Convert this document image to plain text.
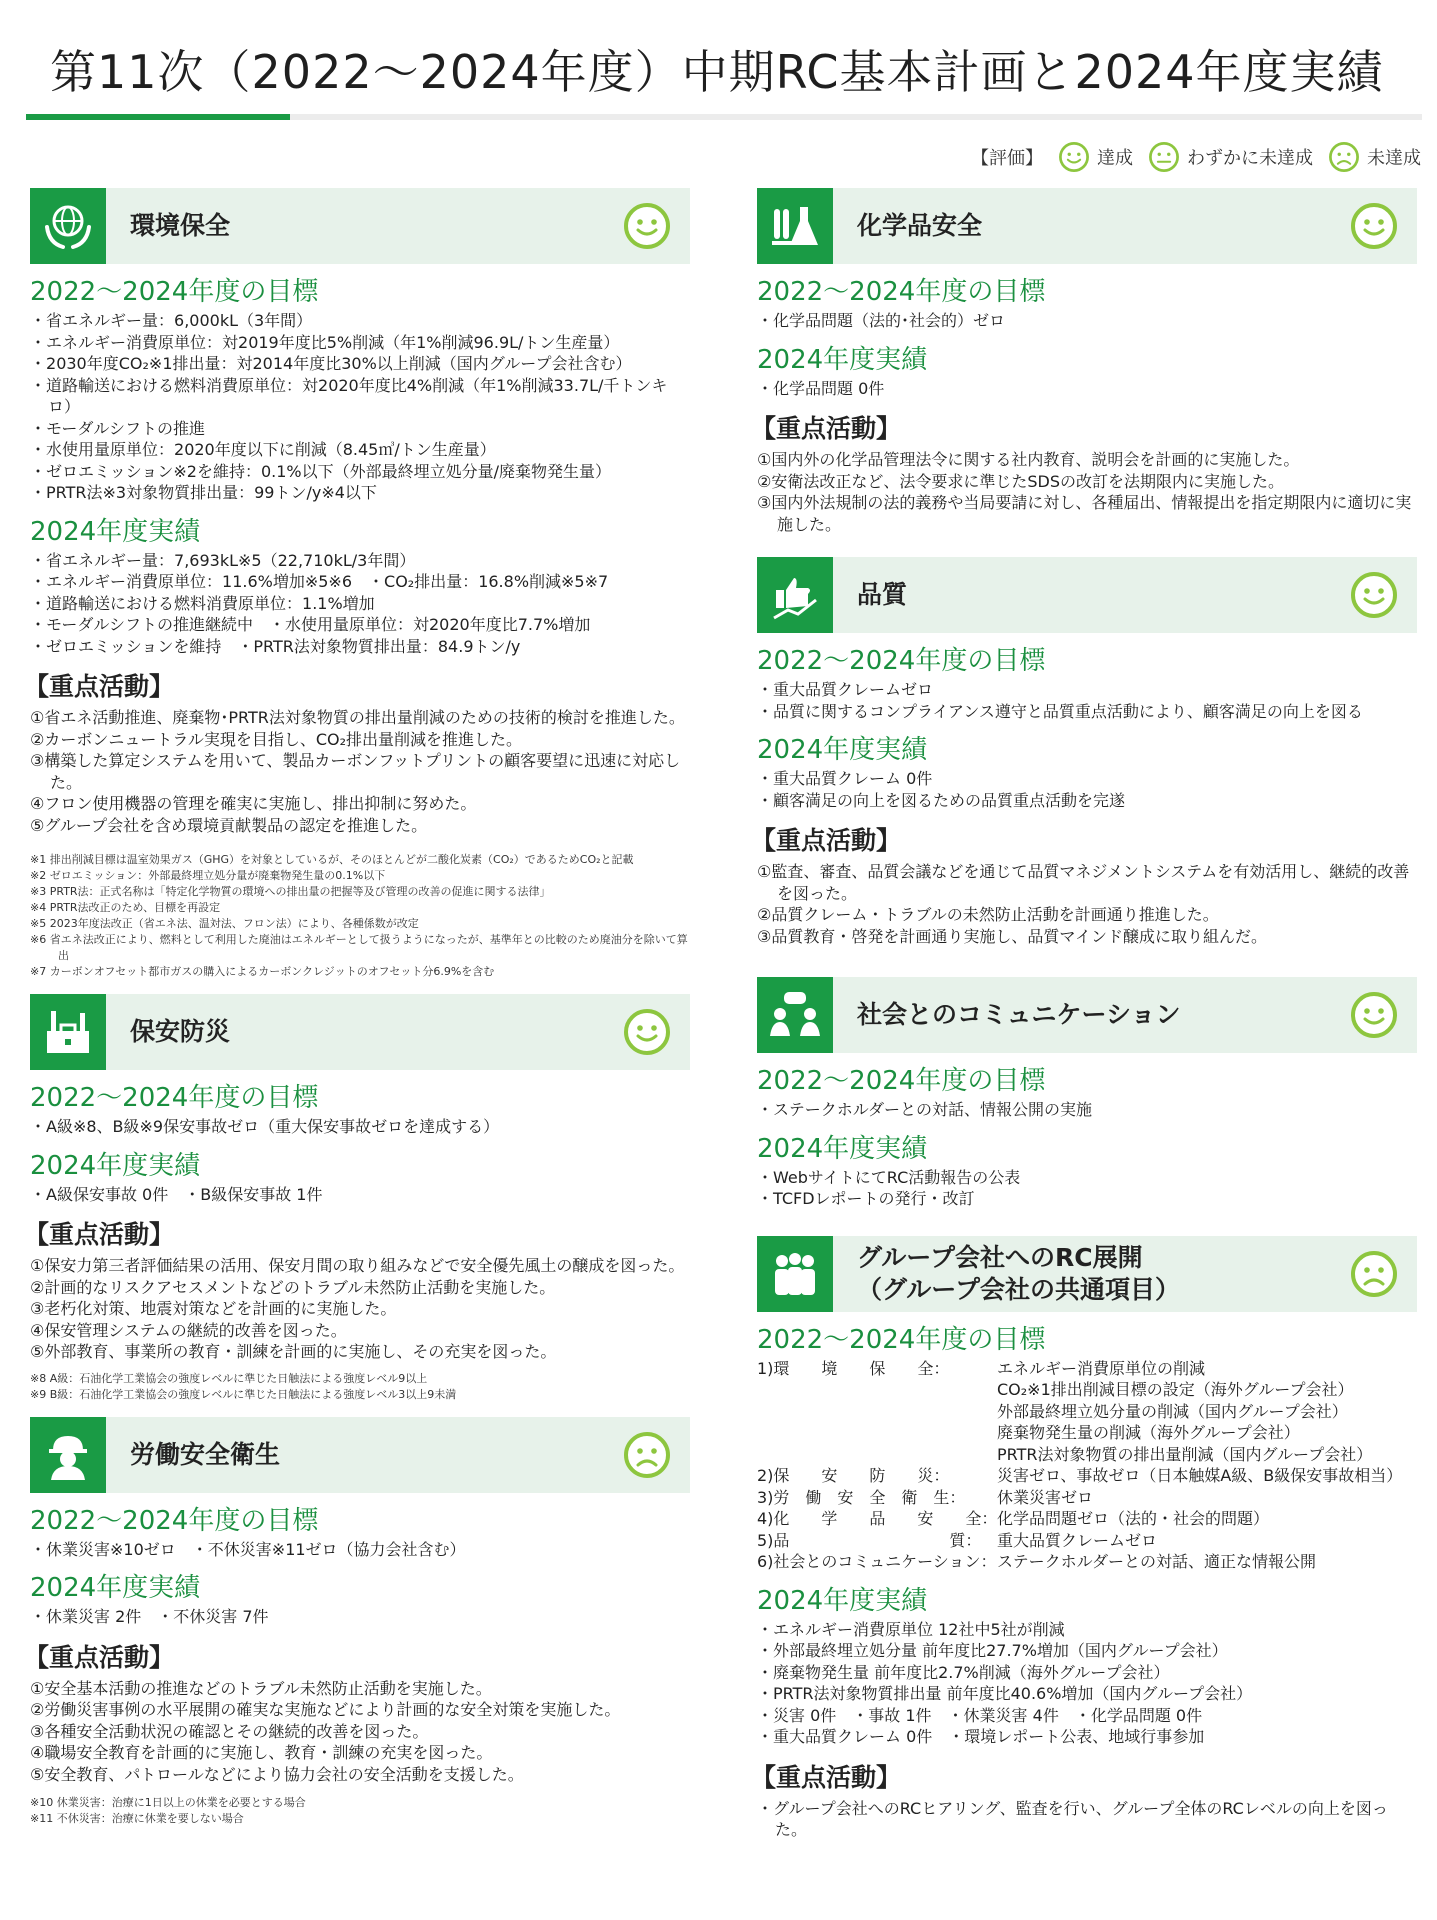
第11次（2022～2024年度）中期RC基本計画と2024年度実績
【評価】	達成	わずかに未達成	未達成
環境保全
2022～2024年度の目標
・ 省エネルギー量：6,000kL（3年間）
・ エネルギー消費原単位：対2019年度比5%削減（年1%削減96.9L/トン生産量）
・ 2030年度CO₂※1排出量：対2014年度比30%以上削減（国内グループ会社含む）
・ 道路輸送における燃料消費原単位：対2020年度比4%削減（年1%削減33.7L/千トンキロ）
・ モーダルシフトの推進
・ 水使用量原単位：2020年度以下に削減（8.45㎥/トン生産量）
・ ゼロエミッション※2を維持：0.1%以下（外部最終埋立処分量/廃棄物発生量）
・ PRTR法※3対象物質排出量：99トン/y※4以下
2024年度実績
・ 省エネルギー量：7,693kL※5（22,710kL/3年間）
・ エネルギー消費原単位：11.6%増加※5※6　・CO₂排出量：16.8%削減※5※7
・ 道路輸送における燃料消費原単位：1.1%増加
・ モーダルシフトの推進継続中　・水使用量原単位：対2020年度比7.7%増加
・ ゼロエミッションを維持　・PRTR法対象物質排出量：84.9トン/y
【重点活動】
①省エネ活動推進、廃棄物･PRTR法対象物質の排出量削減のための技術的検討を推進した。
②カーボンニュートラル実現を目指し、CO₂排出量削減を推進した。
③構築した算定システムを用いて、製品カーボンフットプリントの顧客要望に迅速に対応した。
④フロン使用機器の管理を確実に実施し、排出抑制に努めた。
⑤グループ会社を含め環境貢献製品の認定を推進した。
※1 排出削減目標は温室効果ガス（GHG）を対象としているが、そのほとんどが二酸化炭素（CO₂）であるためCO₂と記載
※2 ゼロエミッション：外部最終埋立処分量が廃棄物発生量の0.1%以下
※3 PRTR法：正式名称は「特定化学物質の環境への排出量の把握等及び管理の改善の促進に関する法律」
※4 PRTR法改正のため、目標を再設定
※5 2023年度法改正（省エネ法、温対法、フロン法）により、各種係数が改定
※6 省エネ法改正により、燃料として利用した廃油はエネルギーとして扱うようになったが、基準年との比較のため廃油分を除いて算出
※7 カーボンオフセット都市ガスの購入によるカーボンクレジットのオフセット分6.9%を含む
保安防災
2022～2024年度の目標
・ A級※8、B級※9保安事故ゼロ（重大保安事故ゼロを達成する）
2024年度実績
・ A級保安事故 0件　・B級保安事故 1件
【重点活動】
①保安力第三者評価結果の活用、保安月間の取り組みなどで安全優先風土の醸成を図った。
②計画的なリスクアセスメントなどのトラブル未然防止活動を実施した。
③老朽化対策、地震対策などを計画的に実施した。
④保安管理システムの継続的改善を図った。
⑤外部教育、事業所の教育・訓練を計画的に実施し、その充実を図った。
※8 A級：石油化学工業協会の強度レベルに準じた日触法による強度レベル9以上
※9 B級：石油化学工業協会の強度レベルに準じた日触法による強度レベル3以上9未満
労働安全衛生
2022～2024年度の目標
・ 休業災害※10ゼロ　・不休災害※11ゼロ（協力会社含む）
2024年度実績
・ 休業災害 2件　・不休災害 7件
【重点活動】
①安全基本活動の推進などのトラブル未然防止活動を実施した。
②労働災害事例の水平展開の確実な実施などにより計画的な安全対策を実施した。
③各種安全活動状況の確認とその継続的改善を図った。
④職場安全教育を計画的に実施し、教育・訓練の充実を図った。
⑤安全教育、パトロールなどにより協力会社の安全活動を支援した。
※10 休業災害：治療に1日以上の休業を必要とする場合
※11 不休災害：治療に休業を要しない場合
化学品安全
2022～2024年度の目標
・ 化学品問題（法的･社会的）ゼロ
2024年度実績
・ 化学品問題 0件
【重点活動】
①国内外の化学品管理法令に関する社内教育、説明会を計画的に実施した。
②安衛法改正など、法令要求に準じたSDSの改訂を法期限内に実施した。
③国内外法規制の法的義務や当局要請に対し、各種届出、情報提出を指定期限内に適切に実施した。
品質
2022～2024年度の目標
・ 重大品質クレームゼロ
・ 品質に関するコンプライアンス遵守と品質重点活動により、顧客満足の向上を図る
2024年度実績
・ 重大品質クレーム 0件
・ 顧客満足の向上を図るための品質重点活動を完遂
【重点活動】
①監査、審査、品質会議などを通じて品質マネジメントシステムを有効活用し、継続的改善を図った。
②品質クレーム・トラブルの未然防止活動を計画通り推進した。
③品質教育・啓発を計画通り実施し、品質マインド醸成に取り組んだ。
社会とのコミュニケーション
2022～2024年度の目標
・ ステークホルダーとの対話、情報公開の実施
2024年度実績
・ WebサイトにてRC活動報告の公表
・ TCFDレポートの発行・改訂
グループ会社へのRC展開
（グループ会社の共通項目）
2022～2024年度の目標
1)環　　境　　保　　全：	エネルギー消費原単位の削減
CO₂※1排出削減目標の設定（海外グループ会社）
外部最終埋立処分量の削減（国内グループ会社）
廃棄物発生量の削減（海外グループ会社）
PRTR法対象物質の排出量削減（国内グループ会社）
2)保　　安　　防　　災：	災害ゼロ、事故ゼロ（日本触媒A級、B級保安事故相当）
3)労　働　安　全　衛　生：	休業災害ゼロ
4)化　　学　　品　　安　　全： 化学品問題ゼロ（法的・社会的問題）
5)品　　　　　　　　　　質： 重大品質クレームゼロ
6)社会とのコミュニケーション： ステークホルダーとの対話、適正な情報公開
2024年度実績
・ エネルギー消費原単位 12社中5社が削減
・ 外部最終埋立処分量 前年度比27.7%増加（国内グループ会社）
・ 廃棄物発生量 前年度比2.7%削減（海外グループ会社）
・ PRTR法対象物質排出量 前年度比40.6%増加（国内グループ会社）
・ 災害 0件　・事故 1件　・休業災害 4件　・化学品問題 0件
・ 重大品質クレーム 0件　・環境レポート公表、地域行事参加
【重点活動】
・ グループ会社へのRCヒアリング、監査を行い、グループ全体のRCレベルの向上を図った。
